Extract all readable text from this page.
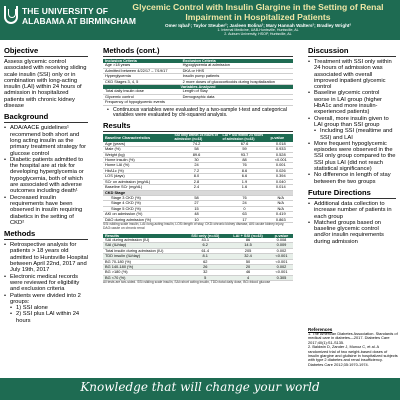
THE UNIVERSITY OF
ALABAMA AT BIRMINGHAM
Glycemic Control with Insulin Glargine in the Setting of Renal Impairment in Hospitalized Patients
Omer Iqbal¹; Taylor Steuber²; Jasleen Bolina²; Mary Hannah Walters²; Bradley Wright²
1. Internal Medicine, UAB-Huntsville, Huntsville, AL
2. Auburn University, HSOP, Huntsville, AL
Objective

Assess glycemic control associated with receiving sliding scale insulin (SSI) only or in combination with long-acting insulin (LAI) within 24 hours of admission in hospitalized patients with chronic kidney disease

Background
• ADA/AACE guidelines¹ recommend both short and long acting insulin as the primary treatment strategy for glucose control
• Diabetic patients admitted to the hospital are at risk for developing hyperglycemia or hypoglycemia, both of which are associated with adverse outcomes including death¹
• Decreased insulin requirements have been observed in insulin requiring diabetics in the setting of CKD²
Methods
• Retrospective analysis for patients > 18 years old admitted to Huntsville Hospital between April 22nd, 2017 and July 19th, 2017
• Electronic medical records were reviewed for eligibility and exclusion criteria
• Patients were divided into 2 groups:
• 1) SSI alone
• 2) SSI plus LAI within 24 hours
Methods (cont.)
Inclusion Criteria	Exclusion Criteria
Age >18 years	Hypoglycemia at admission
Admitted between 4/22/17 – 7/19/17	DKA or HHS
Hyperglycemia	Insulin pump patients
CKD Stages 3, 4, 5	2 more doses of glucocorticoids during hospitalization
Variables Analyzed	
Total daily insulin dose	Length of Stay
Glycemic control	Demographic data
Frequency of hypoglycemic events	
• Continuous variables were evaluated by a two-sample t-test and categorical variables were evaluated by chi-squared analysis.
Results
Baseline Characteristics	SSI only within 24 hours of admission (n=43)	LAI + SSI within 24 hours of admission (n=43)	p-value
Age (years)	74.2	67.6	0.018
Male (%)	58	59	0.933
Weight (kg)	89.6	93.7	0.528
Home insulin (%)	30	88	<0.001
Home LAI (%)	24	76	0.001
HbA1c (%)	7.2	8.6	0.026
LOS (days)	8.0	6.6	0.394
SCr on admission (mg/dL)	2.8	1.9	0.040
Baseline SCr (mg/dL)	2.4	1.6	0.014
CKD Stage			
Stage 3 CKD (%)	58	76	N/A
Stage 4 CKD (%)	27	24	N/A
Stage 5 CKD (%)	15	0	N/A
AKI on admission (%)	48	63	0.419
DAO during admission (%)	10	17	0.863

SSI=sliding scale insulin, LAI=long-acting insulin, LOS=length of stay, CKD=chronic kidney disease, AKI=acute kidney injury, DAO=acute on chronic renal

Results	SSI only (n=43)	LAI + SSI (n=43)	p-value
SAI during admission (IU)	43.1	86	0.008
SAI (IU/day)	6.2	14.5	0.009
Total insulin during admission (IU)	61.4	205	0.002
TDD insulin (IU/day)	8.1	32.4	<0.001
BG 70-180 (%)	62	50	<0.001
BG 140-180 (%)	26	20	0.002
BG >180 (%)	32	46	<0.001
BG <70 (%)	5	4	0.305

All tests are two-sided. SSI=sliding scale insulin, SAI=short acting insulin, TDD=total daily dose, BG=blood glucose

Discussion
• Treatment with SSI only within 24 hours of admission was associated with overall improved inpatient glycemic control
• Baseline glycemic control worse in LAI group (higher HbA1c and more insulin-experienced patients)
• Overall, more insulin given to LAI group than SSI group
• Including SSI (mealtime and SSI) and LAI
• More frequent hypoglycemic episodes were observed in the SSI only group compared to the SSI plus LAI (did not reach statistical significance)
• No difference in length of stay between the two groups
Future Directions
• Additional data collection to increase number of patients in each group
• Matched groups based on baseline glycemic control and/or insulin requirements during admission
References

1. The American Diabetes Association. Standards of medical care in diabetes—2017. Diabetes Care 2017;40(1):S1-S135.

2. Baldwin D, Zander J, Munoz C, et al. A randomized trial of two weight-based doses of insulin glargine and glulisine in hospitalized subjects with type 2 diabetes and renal insufficiency. Diabetes Care 2012;35:1970-1974.

Knowledge that will change your world
